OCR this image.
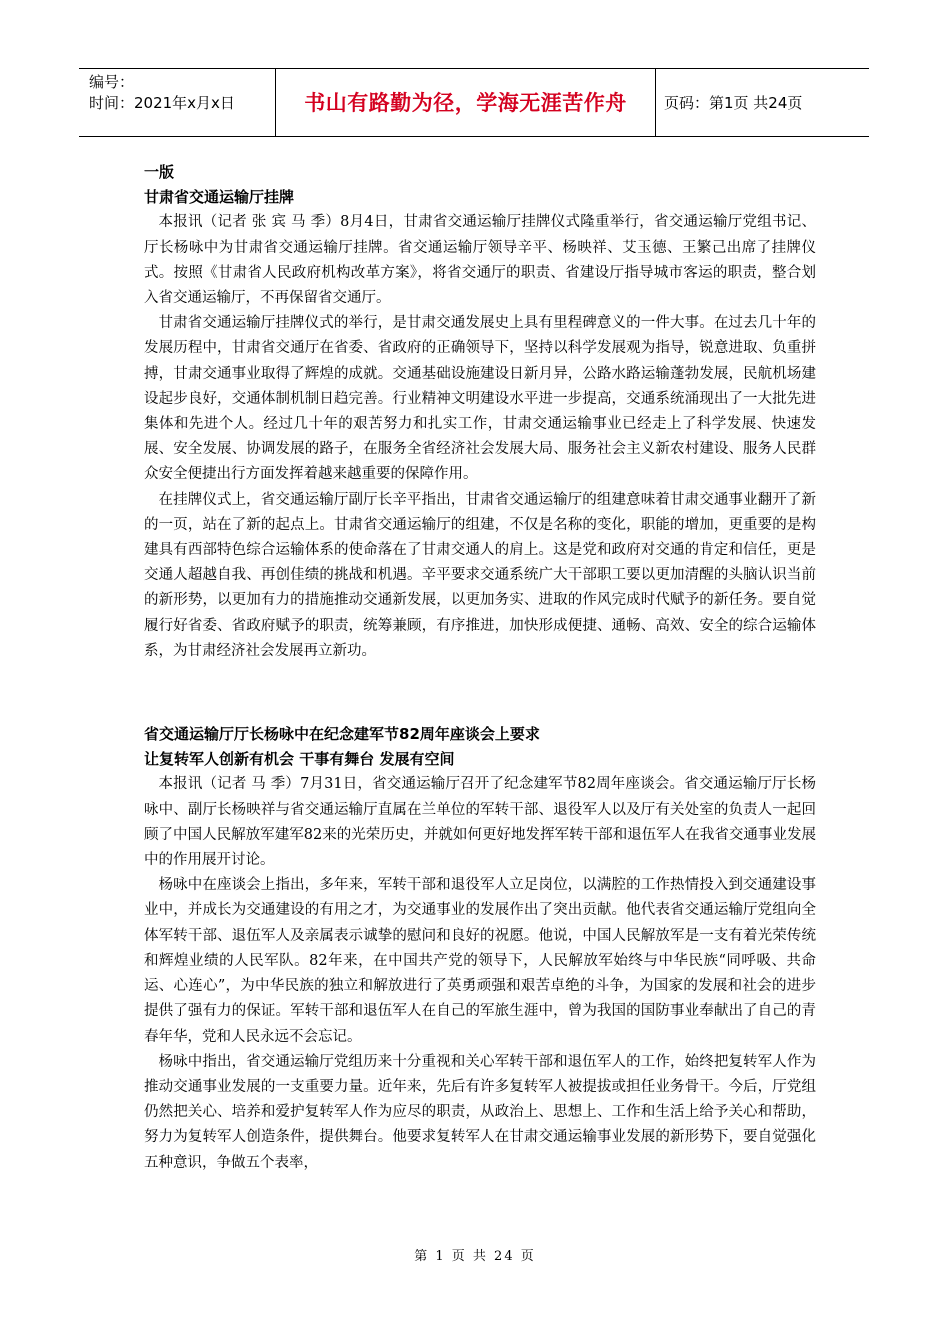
编号：
时间：2021年x月x日	书山有路勤为径，学海无涯苦作舟	页码：第1页 共24页
一版
甘肃省交通运输厅挂牌

本报讯（记者 张 宾 马 季）8月4日，甘肃省交通运输厅挂牌仪式隆重举行，省交通运输厅党组书记、厅长杨咏中为甘肃省交通运输厅挂牌。省交通运输厅领导辛平、杨映祥、艾玉德、王繁己出席了挂牌仪式。按照《甘肃省人民政府机构改革方案》，将省交通厅的职责、省建设厅指导城市客运的职责，整合划入省交通运输厅，不再保留省交通厅。

甘肃省交通运输厅挂牌仪式的举行，是甘肃交通发展史上具有里程碑意义的一件大事。在过去几十年的发展历程中，甘肃省交通厅在省委、省政府的正确领导下，坚持以科学发展观为指导，锐意进取、负重拼搏，甘肃交通事业取得了辉煌的成就。交通基础设施建设日新月异，公路水路运输蓬勃发展，民航机场建设起步良好，交通体制机制日趋完善。行业精神文明建设水平进一步提高，交通系统涌现出了一大批先进集体和先进个人。经过几十年的艰苦努力和扎实工作，甘肃交通运输事业已经走上了科学发展、快速发展、安全发展、协调发展的路子，在服务全省经济社会发展大局、服务社会主义新农村建设、服务人民群众安全便捷出行方面发挥着越来越重要的保障作用。

在挂牌仪式上，省交通运输厅副厅长辛平指出，甘肃省交通运输厅的组建意味着甘肃交通事业翻开了新的一页，站在了新的起点上。甘肃省交通运输厅的组建，不仅是名称的变化，职能的增加，更重要的是构建具有西部特色综合运输体系的使命落在了甘肃交通人的肩上。这是党和政府对交通的肯定和信任，更是交通人超越自我、再创佳绩的挑战和机遇。辛平要求交通系统广大干部职工要以更加清醒的头脑认识当前的新形势，以更加有力的措施推动交通新发展，以更加务实、进取的作风完成时代赋予的新任务。要自觉履行好省委、省政府赋予的职责，统筹兼顾，有序推进，加快形成便捷、通畅、高效、安全的综合运输体系，为甘肃经济社会发展再立新功。

省交通运输厅厅长杨咏中在纪念建军节82周年座谈会上要求
让复转军人创新有机会 干事有舞台 发展有空间

本报讯（记者 马 季）7月31日，省交通运输厅召开了纪念建军节82周年座谈会。省交通运输厅厅长杨咏中、副厅长杨映祥与省交通运输厅直属在兰单位的军转干部、退役军人以及厅有关处室的负责人一起回顾了中国人民解放军建军82来的光荣历史，并就如何更好地发挥军转干部和退伍军人在我省交通事业发展中的作用展开讨论。

杨咏中在座谈会上指出，多年来，军转干部和退役军人立足岗位，以满腔的工作热情投入到交通建设事业中，并成长为交通建设的有用之才，为交通事业的发展作出了突出贡献。他代表省交通运输厅党组向全体军转干部、退伍军人及亲属表示诚挚的慰问和良好的祝愿。他说，中国人民解放军是一支有着光荣传统和辉煌业绩的人民军队。82年来，在中国共产党的领导下，人民解放军始终与中华民族“同呼吸、共命运、心连心”，为中华民族的独立和解放进行了英勇顽强和艰苦卓绝的斗争，为国家的发展和社会的进步提供了强有力的保证。军转干部和退伍军人在自己的军旅生涯中，曾为我国的国防事业奉献出了自己的青春年华，党和人民永远不会忘记。

杨咏中指出，省交通运输厅党组历来十分重视和关心军转干部和退伍军人的工作，始终把复转军人作为推动交通事业发展的一支重要力量。近年来，先后有许多复转军人被提拔或担任业务骨干。今后，厅党组仍然把关心、培养和爱护复转军人作为应尽的职责，从政治上、思想上、工作和生活上给予关心和帮助，努力为复转军人创造条件，提供舞台。他要求复转军人在甘肃交通运输事业发展的新形势下，要自觉强化五种意识，争做五个表率，

第 1 页 共 24 页
